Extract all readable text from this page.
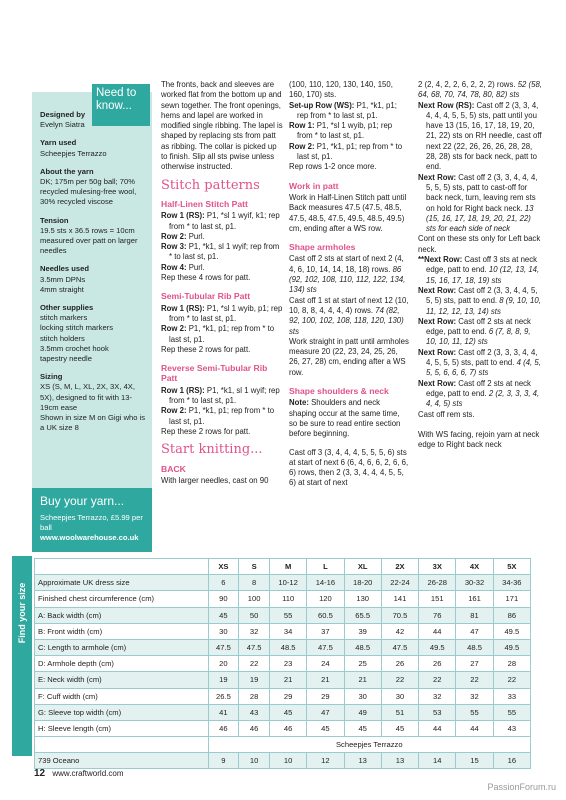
Designed by
Evelyn Siatra
Yarn used
Scheepjes Terrazzo
About the yarn
DK; 175m per 50g ball; 70% recycled mulesing-free wool, 30% recycled viscose
Tension
19.5 sts x 36.5 rows = 10cm measured over patt on larger needles
Needles used
3.5mm DPNs
4mm straight
Other supplies
stitch markers
locking stitch markers
stitch holders
3.5mm crochet hook
tapestry needle
Sizing
XS (S, M, L, XL, 2X, 3X, 4X, 5X), designed to fit with 13-19cm ease
Shown in size M on Gigi who is a UK size 8
Need to know...
Buy your yarn...
Scheepjes Terrazzo, £5.99 per ball www.woolwarehouse.co.uk
The fronts, back and sleeves are worked flat from the bottom up and sewn together. The front openings, hems and lapel are worked in modified single ribbing. The lapel is shaped by replacing sts from patt as ribbing. The collar is picked up to finish. Slip all sts pwise unless otherwise instructed.
Stitch patterns
Half-Linen Stitch Patt
Row 1 (RS): P1, *sl 1 wyif, k1; rep from * to last st, p1.
Row 2: Purl.
Row 3: P1, *k1, sl 1 wyif; rep from * to last st, p1.
Row 4: Purl.
Rep these 4 rows for patt.
Semi-Tubular Rib Patt
Row 1 (RS): P1, *sl 1 wyib, p1; rep from * to last st, p1.
Row 2: P1, *k1, p1; rep from * to last st, p1.
Rep these 2 rows for patt.
Reverse Semi-Tubular Rib Patt
Row 1 (RS): P1, *k1, sl 1 wyif; rep from * to last st, p1.
Row 2: P1, *k1, p1; rep from * to last st, p1.
Rep these 2 rows for patt.
Start knitting...
BACK
With larger needles, cast on 90
(100, 110, 120, 130, 140, 150, 160, 170) sts.
Set-up Row (WS): P1, *k1, p1; rep from * to last st, p1.
Row 1: P1, *sl 1 wyib, p1; rep from * to last st, p1.
Row 2: P1, *k1, p1; rep from * to last st, p1.
Rep rows 1-2 once more.
Work in patt
Work in Half-Linen Stitch patt until Back measures 47.5 (47.5, 48.5, 47.5, 48.5, 47.5, 49.5, 48.5, 49.5) cm, ending after a WS row.
Shape armholes
Cast off 2 sts at start of next 2 (4, 4, 6, 10, 14, 14, 18, 18) rows. 86 (92, 102, 108, 110, 112, 122, 134, 134) sts
Cast off 1 st at start of next 12 (10, 10, 8, 8, 4, 4, 4, 4) rows. 74 (82, 92, 100, 102, 108, 118, 120, 130) sts
Work straight in patt until armholes measure 20 (22, 23, 24, 25, 26, 26, 27, 28) cm, ending after a WS row.
Shape shoulders & neck
Note: Shoulders and neck shaping occur at the same time, so be sure to read entire section before beginning.
Cast off 3 (3, 4, 4, 4, 5, 5, 5, 6) sts at start of next 6 (6, 4, 6, 6, 2, 6, 6, 6) rows, then 2 (3, 3, 4, 4, 4, 5, 5, 6) at start of next
2 (2, 4, 2, 2, 6, 2, 2, 2) rows. 52 (58, 64, 68, 70, 74, 78, 80, 82) sts
Next Row (RS): Cast off 2 (3, 3, 4, 4, 4, 4, 5, 5, 5) sts, patt until you have 13 (15, 16, 17, 18, 19, 20, 21, 22) sts on RH needle, cast off next 22 (22, 26, 26, 26, 28, 28, 28, 28) sts for back neck, patt to end.
Next Row: Cast off 2 (3, 3, 4, 4, 4, 5, 5, 5) sts, patt to cast-off for back neck, turn, leaving rem sts on hold for Right back neck. 13 (15, 16, 17, 18, 19, 20, 21, 22) sts for each side of neck
Cont on these sts only for Left back neck.
**Next Row: Cast off 3 sts at neck edge, patt to end. 10 (12, 13, 14, 15, 16, 17, 18, 19) sts
Next Row: Cast off 2 (3, 3, 4, 4, 5, 5, 5) sts, patt to end. 8 (9, 10, 10, 11, 12, 12, 13, 14) sts
Next Row: Cast off 2 sts at neck edge, patt to end. 6 (7, 8, 8, 9, 10, 10, 11, 12) sts
Next Row: Cast off 2 (3, 3, 3, 4, 4, 4, 5, 5, 5) sts, patt to end. 4 (4, 5, 5, 5, 6, 6, 6, 7) sts
Next Row: Cast off 2 sts at neck edge, patt to end. 2 (2, 3, 3, 3, 4, 4, 4, 5) sts
Cast off rem sts.
With WS facing, rejoin yarn at neck edge to Right back neck
Find your size
	XS	S	M	L	XL	2X	3X	4X	5X
Approximate UK dress size	6	8	10-12	14-16	18-20	22-24	26-28	30-32	34-36
Finished chest circumference (cm)	90	100	110	120	130	141	151	161	171
A: Back width (cm)	45	50	55	60.5	65.5	70.5	76	81	86
B: Front width (cm)	30	32	34	37	39	42	44	47	49.5
C: Length to armhole (cm)	47.5	47.5	48.5	47.5	48.5	47.5	49.5	48.5	49.5
D: Armhole depth (cm)	20	22	23	24	25	26	26	27	28
E: Neck width (cm)	19	19	21	21	21	22	22	22	22
F: Cuff width (cm)	26.5	28	29	29	30	30	32	32	33
G: Sleeve top width (cm)	41	43	45	47	49	51	53	55	55
H: Sleeve length (cm)	46	46	46	45	45	45	44	44	43
	Scheepjes Terrazzo								
739 Oceano	9	10	10	12	13	13	14	15	16
12 www.craftworld.com
PassionForum.ru
